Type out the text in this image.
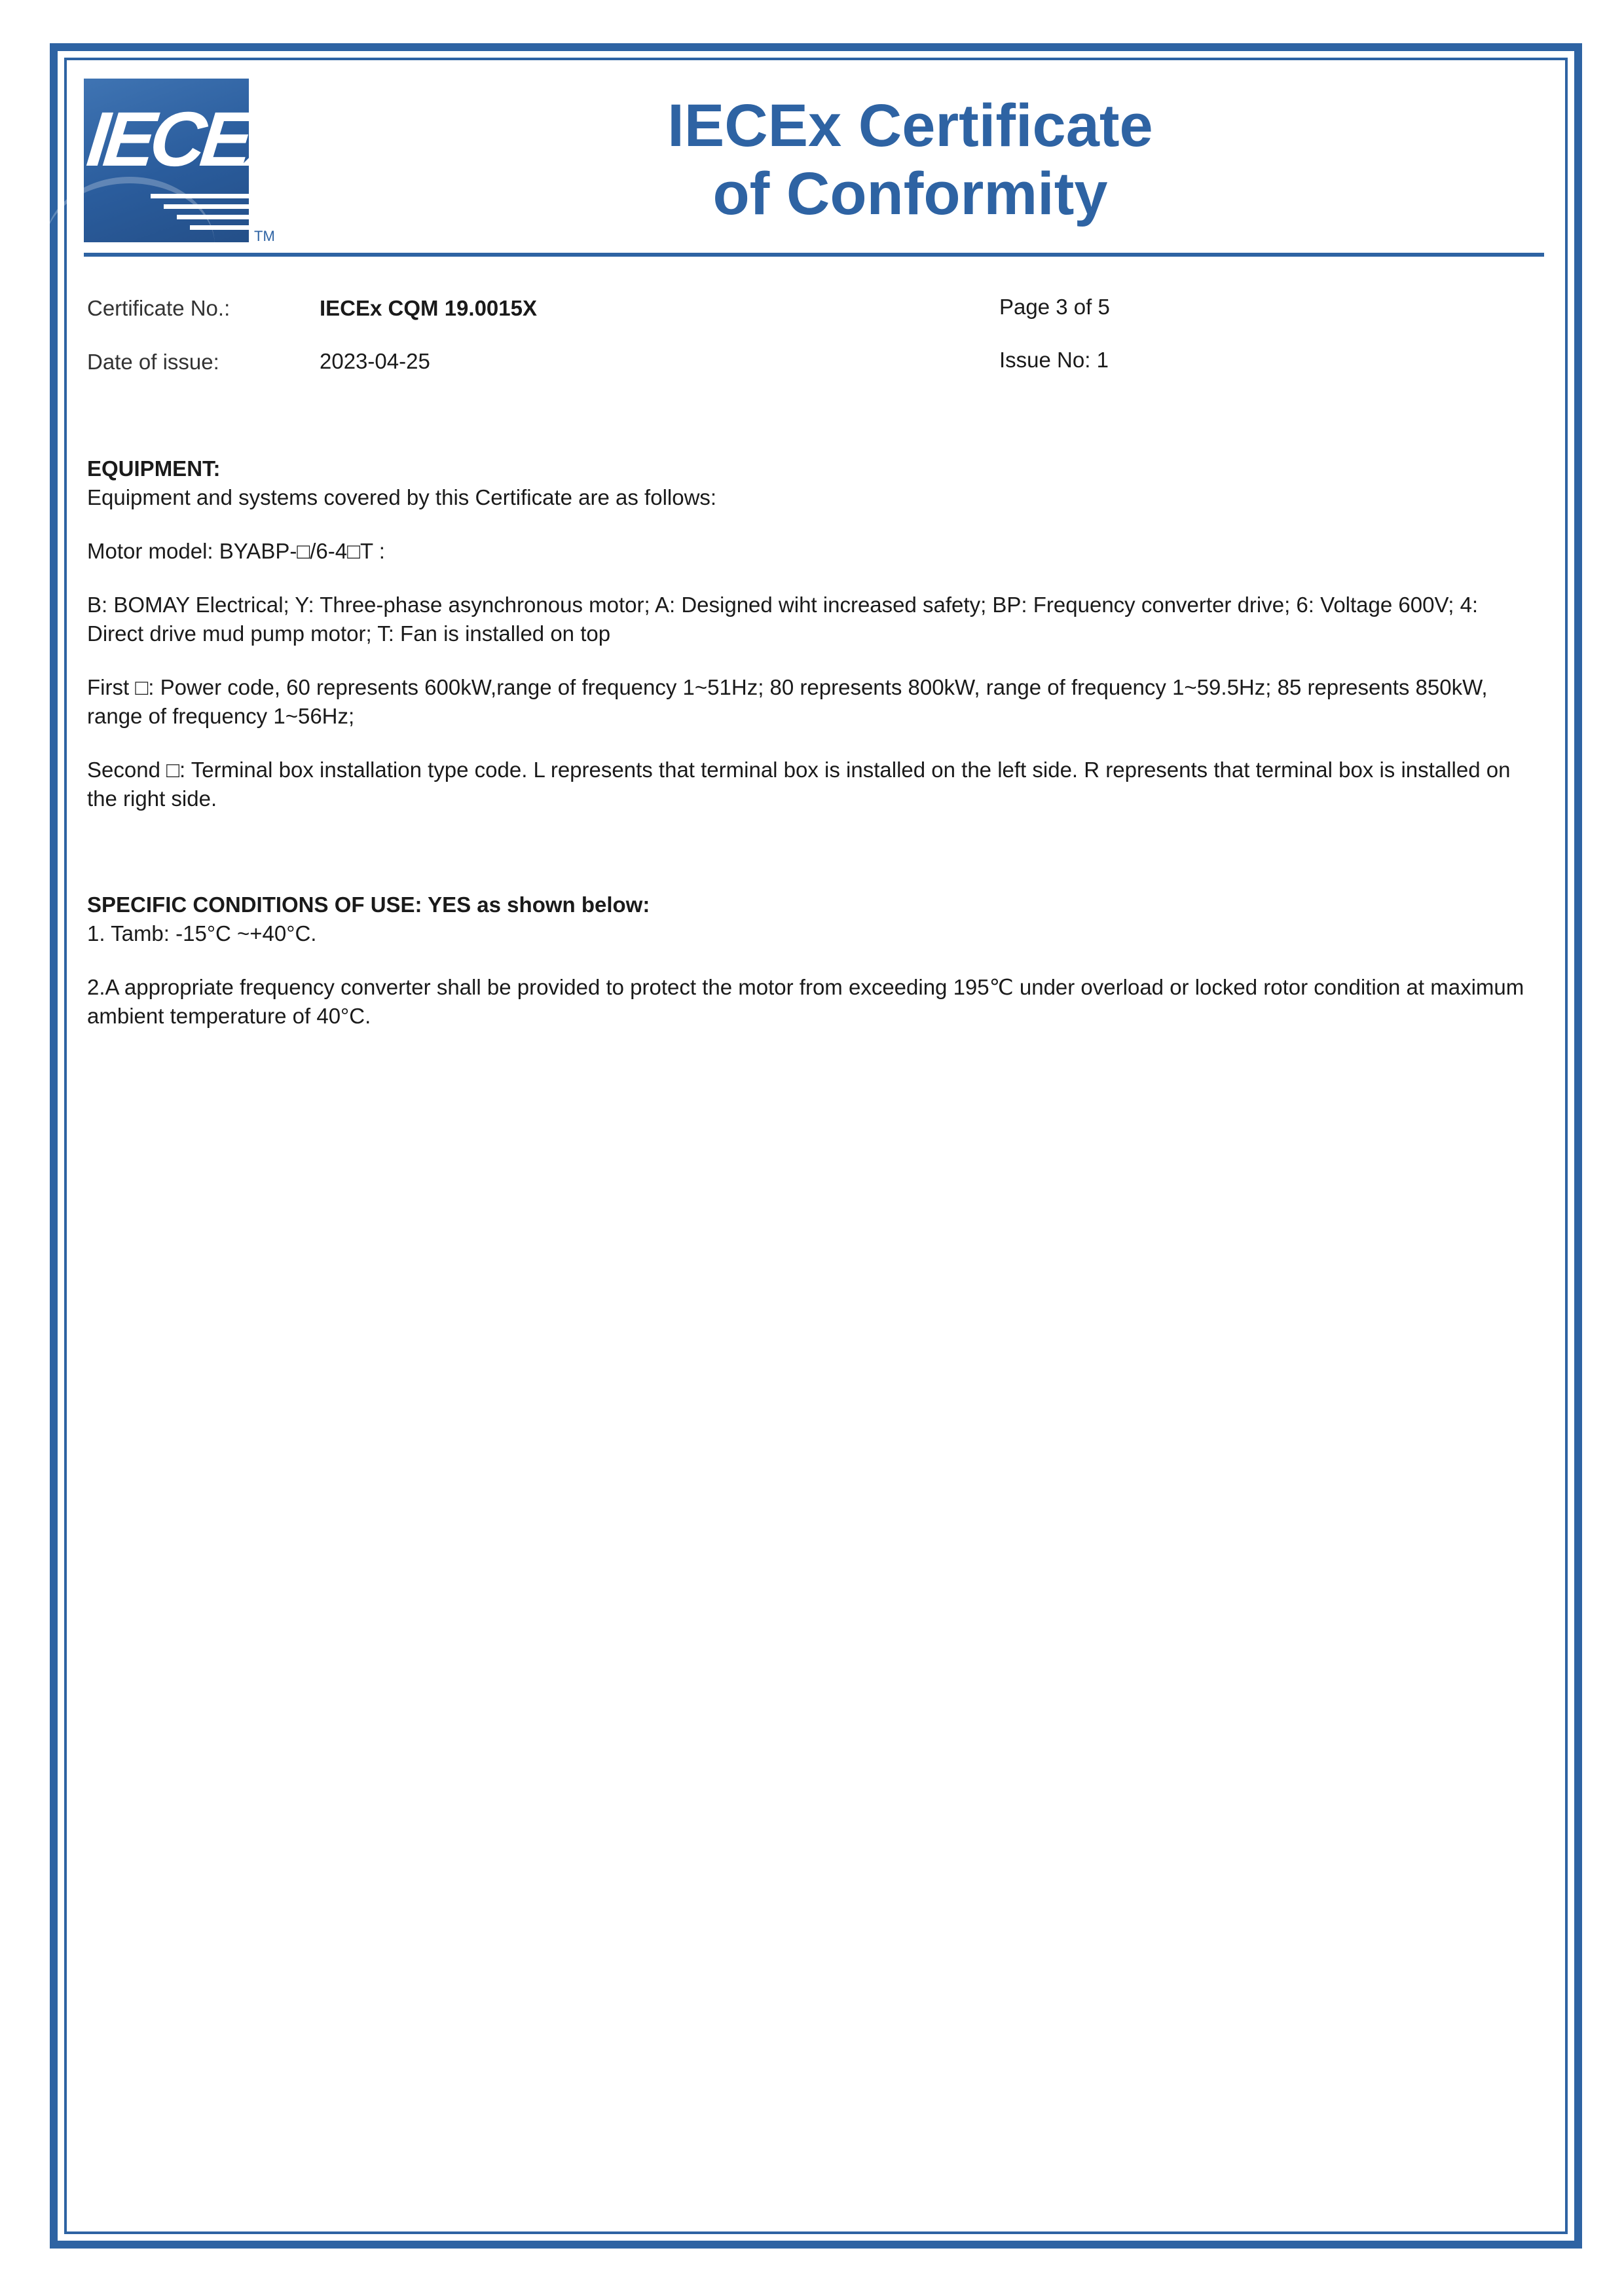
IECEx
TM
IECEx Certificate
of Conformity
Certificate No.:	IECEx CQM 19.0015X	Page 3 of 5
Date of issue:	2023-04-25	Issue No: 1

EQUIPMENT:

Equipment and systems covered by this Certificate are as follows:

Motor model: BYABP-□/6-4□T :

B: BOMAY Electrical; Y: Three-phase asynchronous motor; A: Designed wiht increased safety; BP: Frequency converter drive; 6: Voltage 600V; 4: Direct drive mud pump motor; T: Fan is installed on top

First □: Power code, 60 represents 600kW,range of frequency 1~51Hz; 80 represents 800kW, range of frequency 1~59.5Hz; 85 represents 850kW, range of frequency 1~56Hz;

Second □: Terminal box installation type code. L represents that terminal box is installed on the left side. R represents that terminal box is installed on the right side.

SPECIFIC CONDITIONS OF USE: YES as shown below:

1. Tamb: -15°C ~+40°C.

2.A appropriate frequency converter shall be provided to protect the motor from exceeding 195℃ under overload or locked rotor condition at maximum ambient temperature of 40°C.
